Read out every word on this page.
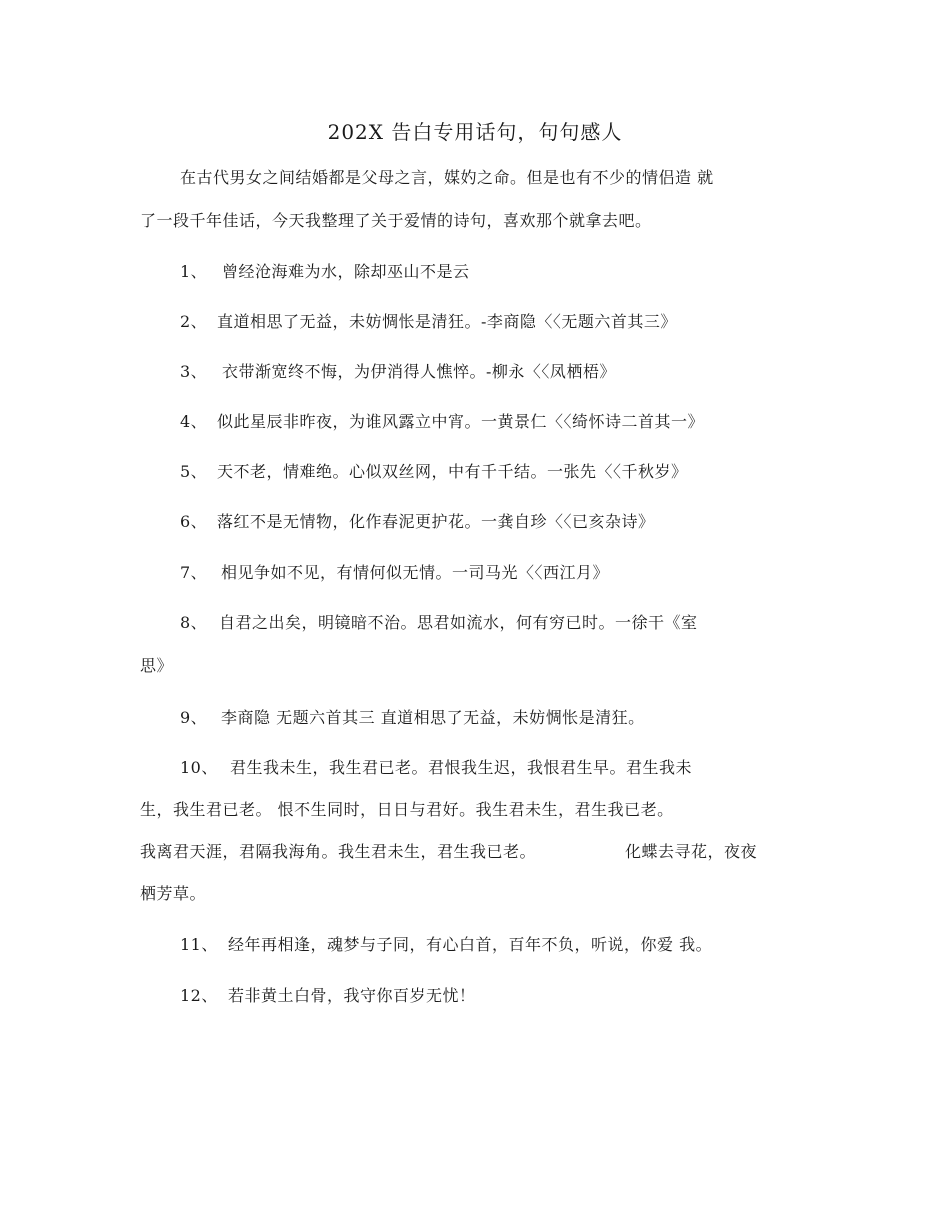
202X 告白专用话句，句句感人
在古代男女之间结婚都是父母之言，媒妁之命。但是也有不少的情侣造 就
了一段千年佳话，今天我整理了关于爱情的诗句，喜欢那个就拿去吧。
1、 曾经沧海难为水，除却巫山不是云
2、 直道相思了无益，未妨惆怅是清狂。-李商隐〈〈无题六首其三》
3、 衣带渐宽终不悔，为伊消得人憔悴。-柳永〈〈凤栖梧》
4、 似此星辰非昨夜，为谁风露立中宵。一黄景仁〈〈绮怀诗二首其一》
5、 天不老，情难绝。心似双丝网，中有千千结。一张先〈〈千秋岁》
6、 落红不是无情物，化作春泥更护花。一龚自珍〈〈已亥杂诗》
7、 相见争如不见，有情何似无情。一司马光〈〈西江月》
8、 自君之出矣，明镜暗不治。思君如流水，何有穷已时。一徐干《室
思》
9、 李商隐 无题六首其三 直道相思了无益，未妨惆怅是清狂。
10、 君生我未生，我生君已老。君恨我生迟，我恨君生早。君生我未
生，我生君已老。 恨不生同时，日日与君好。我生君未生，君生我已老。
我离君天涯，君隔我海角。我生君未生，君生我已老。	化蝶去寻花，夜夜
栖芳草。
11、 经年再相逢，魂梦与子同，有心白首，百年不负，听说，你爱 我。
12、 若非黄土白骨，我守你百岁无忧！
